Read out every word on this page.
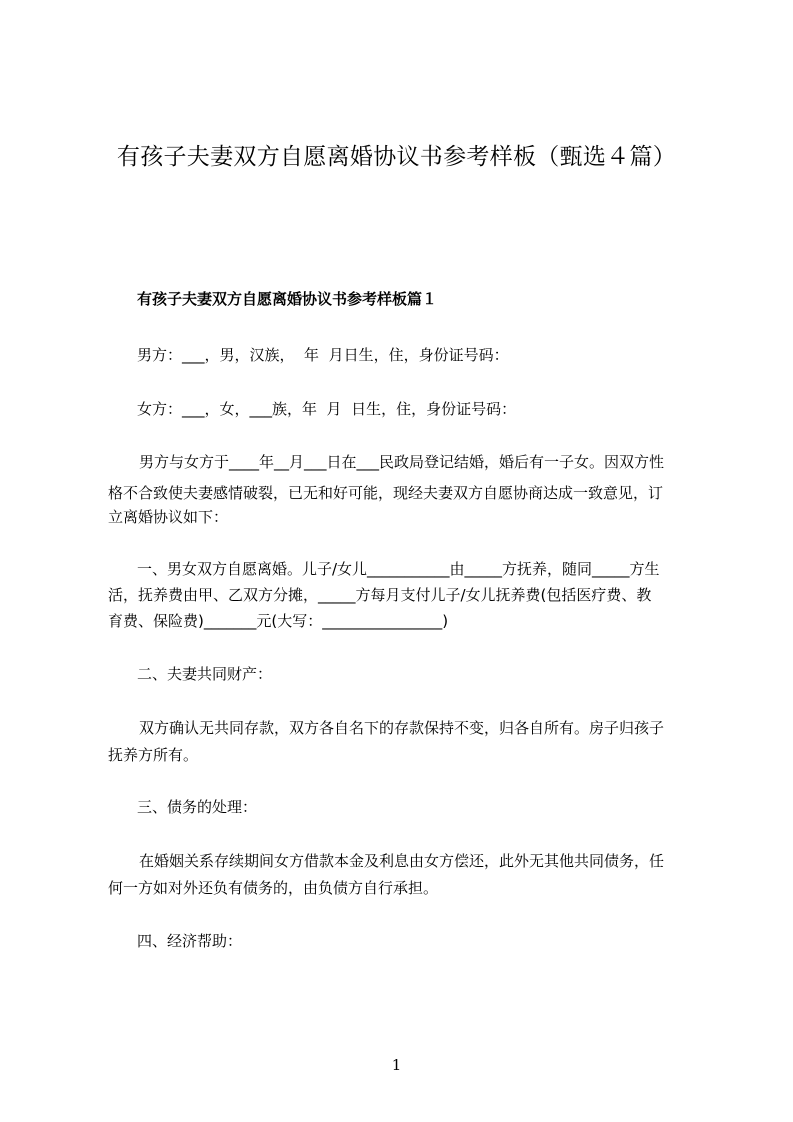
有孩子夫妻双方自愿离婚协议书参考样板（甄选４篇）
有孩子夫妻双方自愿离婚协议书参考样板篇１
男方：___，男，汉族，  年  月日生，住，身份证号码：
女方：___，女，___族，年  月  日生，住，身份证号码：
男方与女方于____年__月___日在___民政局登记结婚，婚后有一子女。因双方性
格不合致使夫妻感情破裂，已无和好可能，现经夫妻双方自愿协商达成一致意见，订
立离婚协议如下：
一、男女双方自愿离婚。儿子/女儿___________由_____方抚养，随同_____方生
活，抚养费由甲、乙双方分摊，_____方每月支付儿子/女儿抚养费(包括医疗费、教
育费、保险费)_______元(大写：________________)
二、夫妻共同财产：
双方确认无共同存款，双方各自名下的存款保持不变，归各自所有。房子归孩子
抚养方所有。
三、债务的处理：
在婚姻关系存续期间女方借款本金及利息由女方偿还，此外无其他共同债务，任
何一方如对外还负有债务的，由负债方自行承担。
四、经济帮助：
1
